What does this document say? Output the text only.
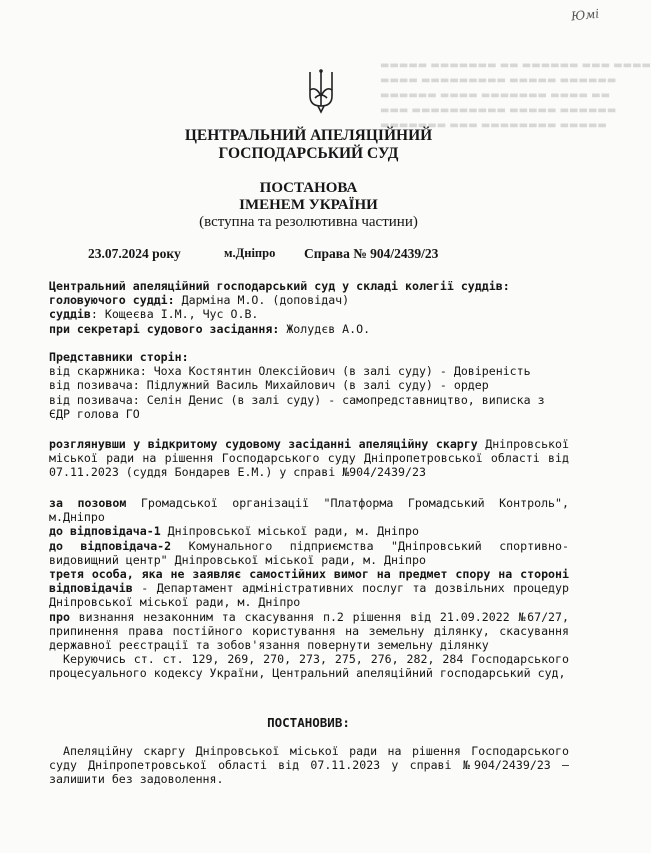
Юмі
▬▬▬▬▬ ▬▬▬▬▬▬▬ ▬▬ ▬▬▬▬▬▬ ▬▬▬ ▬▬▬▬
▬▬▬▬ ▬▬▬▬▬▬▬▬▬ ▬▬▬▬▬ ▬▬▬▬▬▬
▬▬▬▬▬▬ ▬▬▬▬ ▬▬▬▬▬▬▬ ▬▬▬▬ ▬▬
▬▬▬ ▬▬▬▬▬▬▬▬▬▬ ▬▬▬▬▬ ▬▬▬▬▬▬
▬▬▬▬▬▬▬ ▬▬▬ ▬▬▬▬▬▬▬▬ ▬▬▬▬▬
ЦЕНТРАЛЬНИЙ АПЕЛЯЦІЙНИЙ
ГОСПОДАРСЬКИЙ СУД
ПОСТАНОВА
ІМЕНЕМ УКРАЇНИ
(вступна та резолютивна частини)
23.07.2024 року	м.Дніпро Справа № 904/2439/23

Центральний апеляційний господарський суд у складі колегії суддів:

головуючого судді: Дарміна М.О. (доповідач)

суддів: Кощеєва І.М., Чус О.В.

при секретарі судового засідання: Жолудєв А.О.

Представники сторін:

від скаржника: Чоха Костянтин Олексійович (в залі суду) - Довіреність

від позивача: Підлужний Василь Михайлович (в залі суду) - ордер

від позивача: Селін Денис (в залі суду) - самопредставництво, виписка з ЄДР голова ГО

розглянувши у відкритому судовому засіданні апеляційну скаргу Дніпровської міської ради на рішення Господарського суду Дніпропетровської області від 07.11.2023 (суддя Бондарев Е.М.) у справі №904/2439/23

за позовом Громадської організації "Платформа Громадський Контроль", м.Дніпро

до відповідача-1 Дніпровської міської ради, м. Дніпро

до відповідача-2 Комунального підприємства "Дніпровський спортивно-видовищний центр" Дніпровської міської ради, м. Дніпро

третя особа, яка не заявляє самостійних вимог на предмет спору на стороні відповідачів - Департамент адміністративних послуг та дозвільних процедур Дніпровської міської ради, м. Дніпро

про визнання незаконним та скасування п.2 рішення від 21.09.2022 №67/27, припинення права постійного користування на земельну ділянку, скасування державної реєстрації та зобов'язання повернути земельну ділянку

Керуючись ст. ст. 129, 269, 270, 273, 275, 276, 282, 284 Господарського процесуального кодексу України, Центральний апеляційний господарський суд,

ПОСТАНОВИВ:

Апеляційну скаргу Дніпровської міської ради на рішення Господарського суду Дніпропетровської області від 07.11.2023 у справі №904/2439/23 – залишити без задоволення.
